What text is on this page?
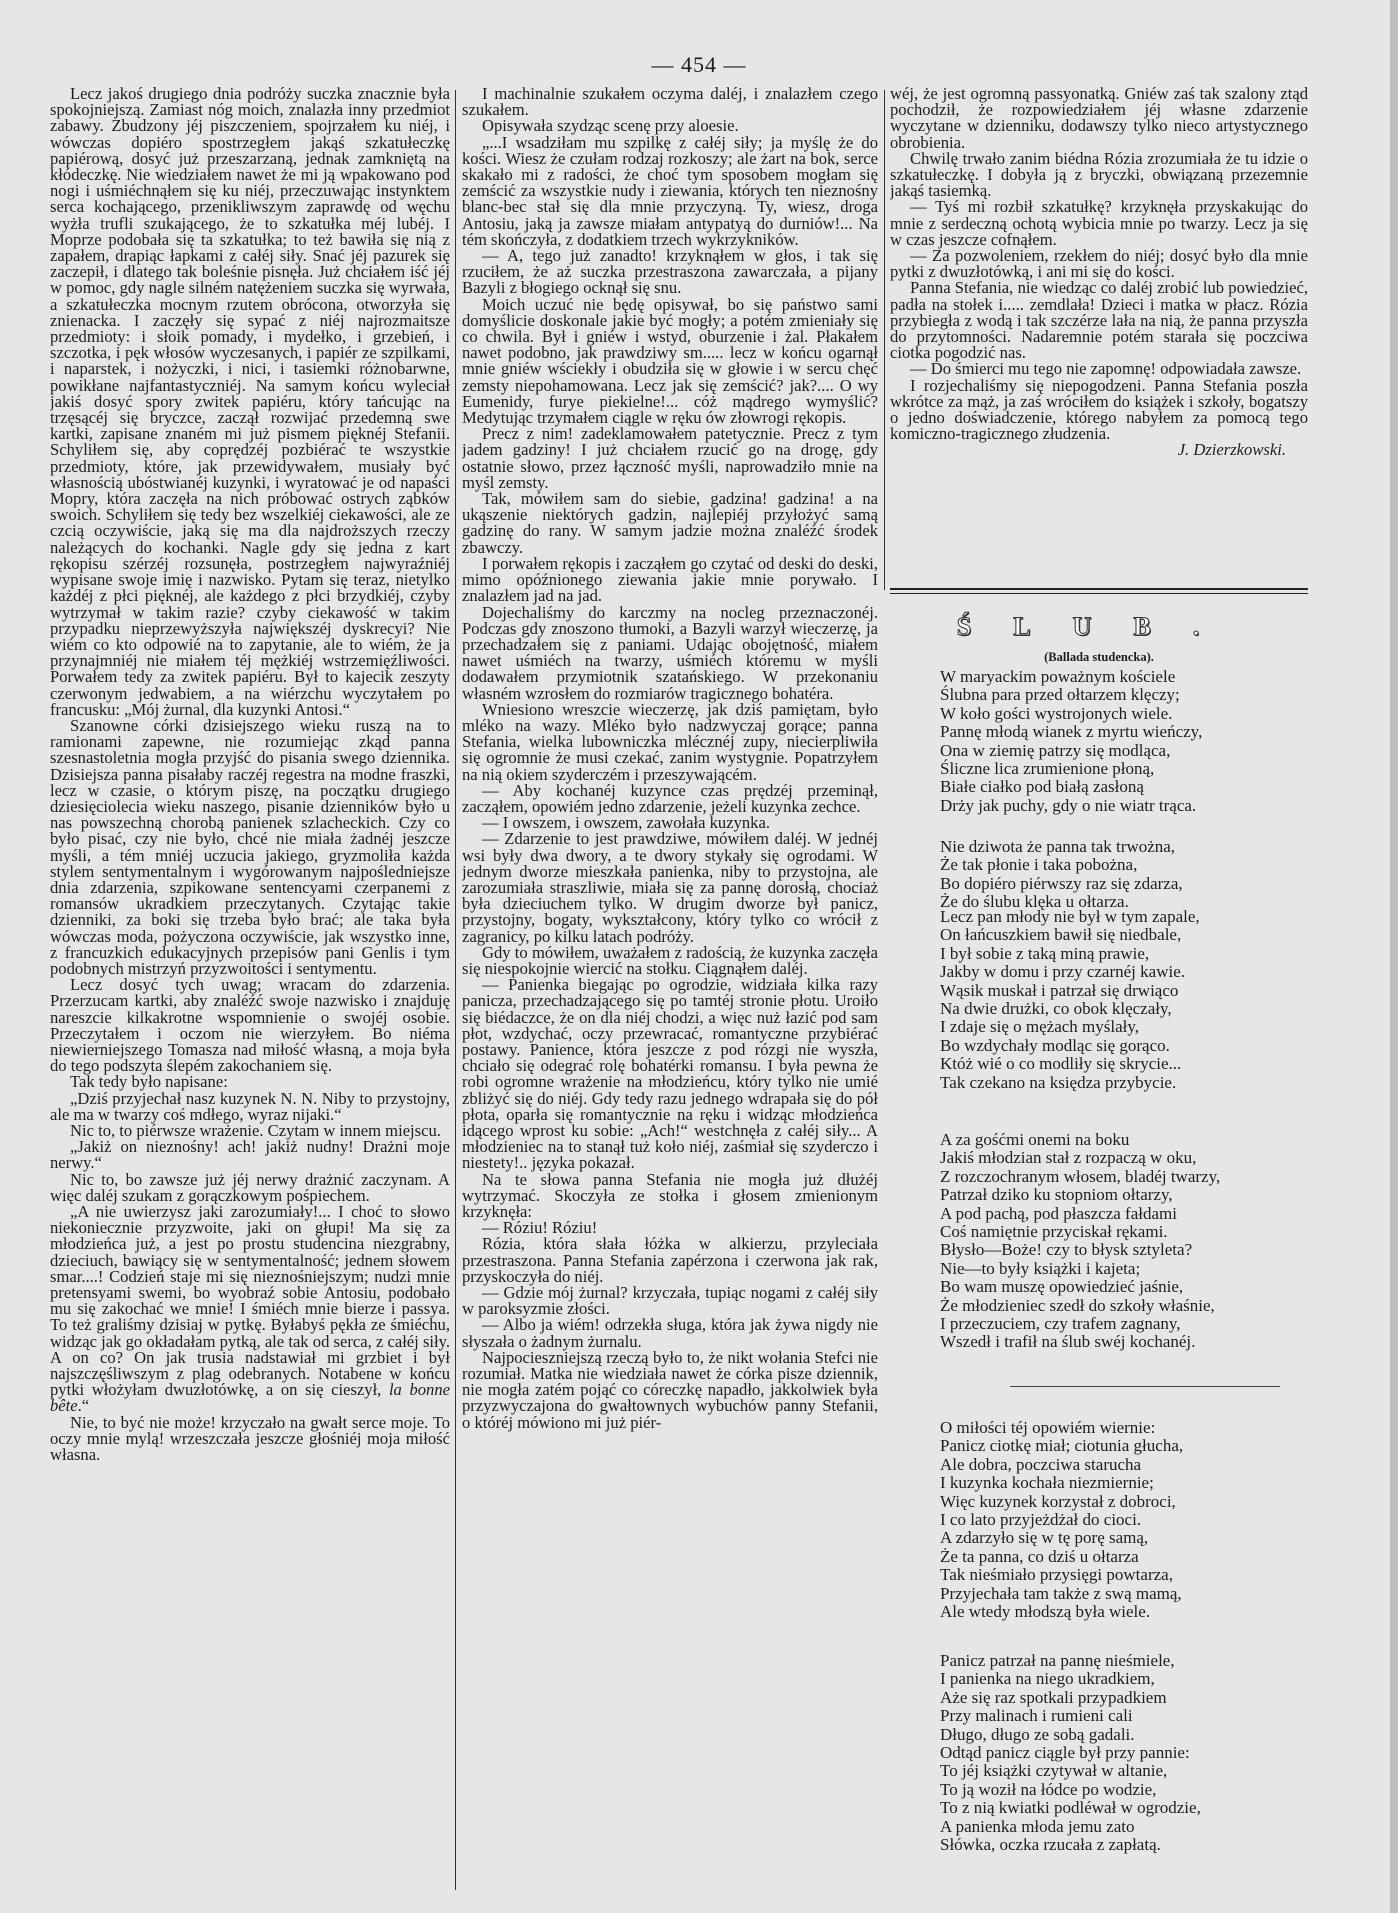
— 454 —

Lecz jakoś drugiego dnia podróży suczka znacznie była spokojniejszą. Zamiast nóg moich, znalazła inny przedmiot zabawy. Zbudzony jéj piszczeniem, spojrzałem ku niéj, i wówczas dopiéro spostrzegłem jakąś szkatułeczkę papiérową, dosyć już przeszarzaną, jednak zamkniętą na kłódeczkę. Nie wiedziałem nawet że mi ją wpakowano pod nogi i uśmiéchnąłem się ku niéj, przeczuwając instynktem serca kochającego, przenikliwszym zaprawdę od węchu wyżła trufli szukającego, że to szkatułka méj lubéj. I Moprze podobała się ta szkatułka; to też bawiła się nią z zapałem, drapiąc łapkami z całéj siły. Snać jéj pazurek się zaczepił, i dlatego tak boleśnie pisnęła. Już chciałem iść jéj w pomoc, gdy nagle silném natężeniem suczka się wyrwała, a szkatułeczka mocnym rzutem obrócona, otworzyła się znienacka. I zaczęły się sypać z niéj najrozmaitsze przedmioty: i słoik pomady, i mydełko, i grzebień, i szczotka, i pęk włosów wyczesanych, i papiér ze szpilkami, i naparstek, i nożyczki, i nici, i tasiemki różnobarwne, powikłane najfantastyczniéj. Na samym końcu wyleciał jakiś dosyć spory zwitek papiéru, który tańcując na trzęsącéj się bryczce, zaczął rozwijać przedemną swe kartki, zapisane znaném mi już pismem pięknéj Stefanii. Schyliłem się, aby coprędzéj pozbiérać te wszystkie przedmioty, które, jak przewidywałem, musiały być własnością ubóstwianéj kuzynki, i wyratować je od napaści Mopry, która zaczęła na nich próbować ostrych ząbków swoich. Schyliłem się tedy bez wszelkiéj ciekawości, ale ze czcią oczywiście, jaką się ma dla najdroższych rzeczy należących do kochanki. Nagle gdy się jedna z kart rękopisu szérzéj rozsunęła, postrzegłem najwyraźniéj wypisane swoje imię i nazwisko. Pytam się teraz, nietylko każdéj z płci pięknéj, ale każdego z płci brzydkiéj, czyby wytrzymał w takim razie? czyby ciekawość w takim przypadku nieprzewyższyła największéj dyskrecyi? Nie wiém co kto odpowié na to zapytanie, ale to wiém, że ja przynajmniéj nie miałem téj mężkiéj wstrzemięźliwości. Porwałem tedy za zwitek papiéru. Był to kajecik zeszyty czerwonym jedwabiem, a na wiérzchu wyczytałem po francusku: „Mój żurnal, dla kuzynki Antosi.“

Szanowne córki dzisiejszego wieku ruszą na to ramionami zapewne, nie rozumiejąc zkąd panna szesnastoletnia mogła przyjść do pisania swego dziennika. Dzisiejsza panna pisałaby raczéj regestra na modne fraszki, lecz w czasie, o którym piszę, na początku drugiego dziesięciolecia wieku naszego, pisanie dzienników było u nas powszechną chorobą panienek szlacheckich. Czy co było pisać, czy nie było, chcé nie miała żadnéj jeszcze myśli, a tém mniéj uczucia jakiego, gryzmoliła każda stylem sentymentalnym i wygórowanym najpośledniejsze dnia zdarzenia, szpikowane sentencyami czerpanemi z romansów ukradkiem przeczytanych. Czytając takie dzienniki, za boki się trzeba było brać; ale taka była wówczas moda, pożyczona oczywiście, jak wszystko inne, z francuzkich edukacyjnych przepisów pani Genlis i tym podobnych mistrzyń przyzwoitości i sentymentu.

Lecz dosyć tych uwag; wracam do zdarzenia. Przerzucam kartki, aby znaléźć swoje nazwisko i znajduję nareszcie kilkakrotne wspomnienie o swojéj osobie. Przeczytałem i oczom nie wierzyłem. Bo niéma niewierniejszego Tomasza nad miłość własną, a moja była do tego podszyta ślepém zakochaniem się.

Tak tedy było napisane:

„Dziś przyjechał nasz kuzynek N. N. Niby to przystojny, ale ma w twarzy coś mdłego, wyraz nijaki.“

Nic to, to piérwsze wrażenie. Czytam w innem miejscu.

„Jakiż on nieznośny! ach! jakiż nudny! Drażni moje nerwy.“

Nic to, bo zawsze już jéj nerwy drażnić zaczynam. A więc daléj szukam z gorączkowym pośpiechem.

„A nie uwierzysz jaki zarozumiały!... I choć to słowo niekoniecznie przyzwoite, jaki on głupi! Ma się za młodzieńca już, a jest po prostu studencina niezgrabny, dzieciuch, bawiący się w sentymentalność; jednem słowem smar....! Codzień staje mi się nieznośniejszym; nudzi mnie pretensyami swemi, bo wyobraź sobie Antosiu, podobało mu się zakochać we mnie! I śmiéch mnie bierze i passya. To też graliśmy dzisiaj w pytkę. Byłabyś pękła ze śmiéchu, widząc jak go okładałam pytką, ale tak od serca, z całéj siły. A on co? On jak trusia nadstawiał mi grzbiet i był najszczęśliwszym z plag odebranych. Notabene w końcu pytki włożyłam dwuzłotówkę, a on się cieszył, la bonne bête.“

Nie, to być nie może! krzyczało na gwałt serce moje. To oczy mnie mylą! wrzeszczała jeszcze głośniéj moja miłość własna.

I machinalnie szukałem oczyma daléj, i znalazłem czego szukałem.

Opisywała szydząc scenę przy aloesie.

„...I wsadziłam mu szpilkę z całéj siły; ja myślę że do kości. Wiesz że czułam rodzaj rozkoszy; ale żart na bok, serce skakało mi z radości, że choć tym sposobem mogłam się zemścić za wszystkie nudy i ziewania, których ten nieznośny blanc-bec stał się dla mnie przyczyną. Ty, wiesz, droga Antosiu, jaką ja zawsze miałam antypatyą do durniów!... Na tém skończyła, z dodatkiem trzech wykrzykników.

— A, tego już zanadto! krzyknąłem w głos, i tak się rzuciłem, że aż suczka przestraszona zawarczała, a pijany Bazyli z błogiego ocknął się snu.

Moich uczuć nie będę opisywał, bo się państwo sami domyślicie doskonale jakie być mogły; a potém zmieniały się co chwila. Był i gniéw i wstyd, oburzenie i żal. Płakałem nawet podobno, jak prawdziwy sm..... lecz w końcu ogarnął mnie gniéw wściekły i obudziła się w głowie i w sercu chęć zemsty niepohamowana. Lecz jak się zemścić? jak?.... O wy Eumenidy, furye piekielne!... cóż mądrego wymyślić? Medytując trzymałem ciągle w ręku ów złowrogi rękopis.

Precz z nim! zadeklamowałem patetycznie. Precz z tym jadem gadziny! I już chciałem rzucić go na drogę, gdy ostatnie słowo, przez łączność myśli, naprowadziło mnie na myśl zemsty.

Tak, mówiłem sam do siebie, gadzina! gadzina! a na ukąszenie niektórych gadzin, najlepiéj przyłożyć samą gadzinę do rany. W samym jadzie można znaléźć środek zbawczy.

I porwałem rękopis i zacząłem go czytać od deski do deski, mimo opóźnionego ziewania jakie mnie porywało. I znalazłem jad na jad.

Dojechaliśmy do karczmy na nocleg przeznaczonéj. Podczas gdy znoszono tłumoki, a Bazyli warzył wieczerzę, ja przechadzałem się z paniami. Udając obojętność, miałem nawet uśmiéch na twarzy, uśmiéch któremu w myśli dodawałem przymiotnik szatańskiego. W przekonaniu własném wzrosłem do rozmiarów tragicznego bohatéra.

Wniesiono wreszcie wieczerzę, jak dziś pamiętam, było mléko na wazy. Mléko było nadzwyczaj gorące; panna Stefania, wielka lubowniczka mlécznéj zupy, niecierpliwiła się ogromnie że musi czekać, zanim wystygnie. Popatrzyłem na nią okiem szyderczém i przeszywającém.

— Aby kochanéj kuzynce czas prędzéj przeminął, zacząłem, opowiém jedno zdarzenie, jeżeli kuzynka zechce.

— I owszem, i owszem, zawołała kuzynka.

— Zdarzenie to jest prawdziwe, mówiłem daléj. W jednéj wsi były dwa dwory, a te dwory stykały się ogrodami. W jednym dworze mieszkała panienka, niby to przystojna, ale zarozumiała straszliwie, miała się za pannę dorosłą, chociaż była dzieciuchem tylko. W drugim dworze był panicz, przystojny, bogaty, wykształcony, który tylko co wrócił z zagranicy, po kilku latach podróży.

Gdy to mówiłem, uważałem z radością, że kuzynka zaczęła się niespokojnie wiercić na stołku. Ciągnąłem daléj.

— Panienka biegając po ogrodzie, widziała kilka razy panicza, przechadzającego się po tamtéj stronie płotu. Uroiło się biédaczce, że on dla niéj chodzi, a więc nuż łazić pod sam płot, wzdychać, oczy przewracać, romantyczne przybiérać postawy. Panience, która jeszcze z pod rózgi nie wyszła, chciało się odegrać rolę bohatérki romansu. I była pewna że robi ogromne wrażenie na młodzieńcu, który tylko nie umié zbliżyć się do niéj. Gdy tedy razu jednego wdrapała się do pół płota, oparła się romantycznie na ręku i widząc młodzieńca idącego wprost ku sobie: „Ach!“ westchnęła z całéj siły... A młodzieniec na to stanął tuż koło niéj, zaśmiał się szyderczo i niestety!.. języka pokazał.

Na te słowa panna Stefania nie mogła już dłużéj wytrzymać. Skoczyła ze stołka i głosem zmienionym krzyknęła:

— Róziu! Róziu!

Rózia, która słała łóżka w alkierzu, przyleciała przestraszona. Panna Stefania zapérzona i czerwona jak rak, przyskoczyła do niéj.

— Gdzie mój żurnal? krzyczała, tupiąc nogami z całéj siły w paroksyzmie złości.

— Albo ja wiém! odrzekła sługa, która jak żywa nigdy nie słyszała o żadnym żurnalu.

Najpocieszniejszą rzeczą było to, że nikt wołania Stefci nie rozumiał. Matka nie wiedziała nawet że córka pisze dziennik, nie mogła zatém pojąć co córeczkę napadło, jakkolwiek była przyzwyczajona do gwałtownych wybuchów panny Stefanii, o któréj mówiono mi już piér-

wéj, że jest ogromną passyonatką. Gniéw zaś tak szalony ztąd pochodził, że rozpowiedziałem jéj własne zdarzenie wyczytane w dzienniku, dodawszy tylko nieco artystycznego obrobienia.

Chwilę trwało zanim biédna Rózia zrozumiała że tu idzie o szkatułeczkę. I dobyła ją z bryczki, obwiązaną przezemnie jakąś tasiemką.

— Tyś mi rozbił szkatułkę? krzyknęła przyskakując do mnie z serdeczną ochotą wybicia mnie po twarzy. Lecz ja się w czas jeszcze cofnąłem.

— Za pozwoleniem, rzekłem do niéj; dosyć było dla mnie pytki z dwuzłotówką, i ani mi się do kości.

Panna Stefania, nie wiedząc co daléj zrobić lub powiedzieć, padła na stołek i..... zemdlała! Dzieci i matka w płacz. Rózia przybiegła z wodą i tak szczérze lała na nią, że panna przyszła do przytomności. Nadaremnie potém starała się poczciwa ciotka pogodzić nas.

— Do śmierci mu tego nie zapomnę! odpowiadała zawsze.

I rozjechaliśmy się niepogodzeni. Panna Stefania poszła wkrótce za mąż, ja zaś wróciłem do książek i szkoły, bogatszy o jedno doświadczenie, którego nabyłem za pomocą tego komiczno-tragicznego złudzenia.

J. Dzierzkowski.

ŚLUB.
(Ballada studencka).
W maryackim poważnym kościele
Ślubna para przed ołtarzem klęczy;
W koło gości wystrojonych wiele.
Pannę młodą wianek z myrtu wieńczy,
Ona w ziemię patrzy się modląca,
Śliczne lica zrumienione płoną,
Białe ciałko pod białą zasłoną
Drży jak puchy, gdy o nie wiatr trąca.
Nie dziwota że panna tak trwożna,
Że tak płonie i taka pobożna,
Bo dopiéro piérwszy raz się zdarza,
Że do ślubu klęka u ołtarza.
Lecz pan młody nie był w tym zapale,
On łańcuszkiem bawił się niedbale,
I był sobie z taką miną prawie,
Jakby w domu i przy czarnéj kawie.
Wąsik muskał i patrzał się drwiąco
Na dwie drużki, co obok klęczały,
I zdaje się o mężach myślały,
Bo wzdychały modląc się gorąco.
Któż wié o co modliły się skrycie...
Tak czekano na księdza przybycie.
A za gośćmi onemi na boku
Jakiś młodzian stał z rozpaczą w oku,
Z rozczochranym włosem, bladéj twarzy,
Patrzał dziko ku stopniom ołtarzy,
A pod pachą, pod płaszcza fałdami
Coś namiętnie przyciskał rękami.
Błysło—Boże! czy to błysk sztyleta?
Nie—to były książki i kajeta;
Bo wam muszę opowiedzieć jaśnie,
Że młodzieniec szedł do szkoły właśnie,
I przeczuciem, czy trafem zagnany,
Wszedł i trafił na ślub swéj kochanéj.
O miłości téj opowiém wiernie:
Panicz ciotkę miał; ciotunia głucha,
Ale dobra, poczciwa starucha
I kuzynka kochała niezmiernie;
Więc kuzynek korzystał z dobroci,
I co lato przyjeżdżał do cioci.
A zdarzyło się w tę porę samą,
Że ta panna, co dziś u ołtarza
Tak nieśmiało przysięgi powtarza,
Przyjechała tam także z swą mamą,
Ale wtedy młodszą była wiele.
Panicz patrzał na pannę nieśmiele,
I panienka na niego ukradkiem,
Aże się raz spotkali przypadkiem
Przy malinach i rumieni cali
Długo, długo ze sobą gadali.
Odtąd panicz ciągle był przy pannie:
To jéj książki czytywał w altanie,
To ją woził na łódce po wodzie,
To z nią kwiatki podléwał w ogrodzie,
A panienka młoda jemu zato
Słówka, oczka rzucała z zapłatą.
